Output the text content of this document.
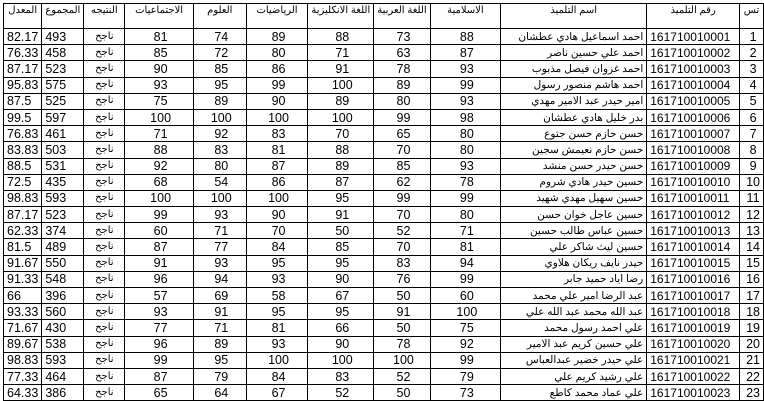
تس	رقم التلميذ	اسم التلميذ	الاسلامية	اللغة العربية	اللغة الانكليزية	الرياضيات	العلوم	الاجتماعيات	النتيجه	المجموع	المعدل
1	161710010001	احمد اسماعيل هادي عطشان	88	73	88	89	74	81	ناجح	493	82.17
2	161710010002	احمد علي حسين ناصر	87	63	71	80	72	85	ناجح	458	76.33
3	161710010003	احمد غزوان فيصل مذبوب	93	78	91	86	85	90	ناجح	523	87.17
4	161710010004	احمد هاشم منصور رسول	99	89	100	99	95	93	ناجح	575	95.83
5	161710010005	امير حيدر عبد الامير مهدي	93	80	89	90	89	75	ناجح	525	87.5
6	161710010006	بدر خليل هادي عطشان	98	99	100	100	100	100	ناجح	597	99.5
7	161710010007	حسن حازم حسن جتوع	80	65	70	83	92	71	ناجح	461	76.83
8	161710010008	حسن حازم نعيمش سجين	80	70	88	81	83	88	ناجح	503	83.83
9	161710010009	حسن حيدر حسن منشد	93	85	89	87	80	92	ناجح	531	88.5
10	161710010010	حسين حيدر هادي شروم	78	62	87	86	54	68	ناجح	435	72.5
11	161710010011	حسين سهيل مهدي شهيد	99	99	95	100	100	100	ناجح	593	98.83
12	161710010012	حسين عاجل خوان حسن	80	70	91	90	93	99	ناجح	523	87.17
13	161710010013	حسين عباس طالب حسين	71	52	50	70	71	60	ناجح	374	62.33
14	161710010014	حسين ليث شاكر علي	81	70	85	84	77	87	ناجح	489	81.5
15	161710010015	حيدر نايف ريكان هلاوي	94	83	95	95	93	91	ناجح	550	91.67
16	161710010016	رضا اياد حميد جابر	99	76	90	93	94	96	ناجح	548	91.33
17	161710010017	عبد الرضا امير علي محمد	60	50	67	58	69	57	ناجح	396	66
18	161710010018	عبد الله محمد عبد الله علي	100	91	95	95	91	93	ناجح	560	93.33
19	161710010019	علي احمد رسول محمد	75	50	66	81	71	77	ناجح	430	71.67
20	161710010020	علي حسين كريم عبد الامير	92	78	90	93	89	96	ناجح	538	89.67
21	161710010021	علي حيدر خضير عبدالعباس	99	100	100	100	95	99	ناجح	593	98.83
22	161710010022	علي رشيد كريم علي	79	52	83	84	79	87	ناجح	464	77.33
23	161710010023	علي عماد محمد كاطع	73	50	52	67	64	65	ناجح	386	64.33
